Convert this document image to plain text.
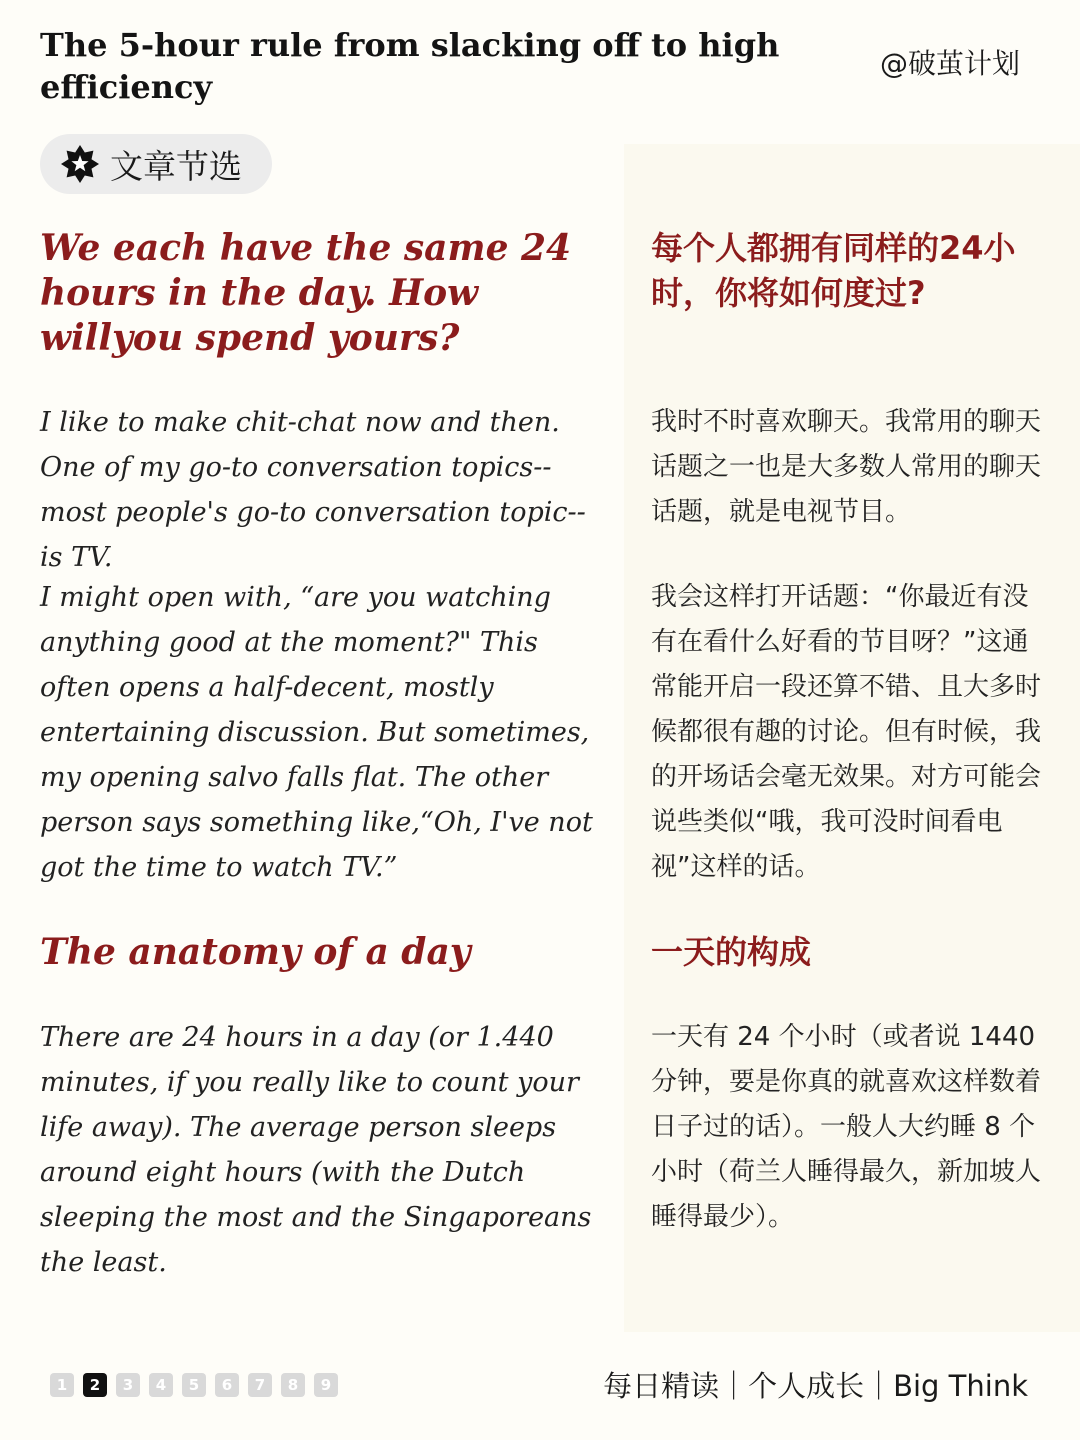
The 5-hour rule from slacking off to high efficiency
@破茧计划
文章节选
We each have the same 24 hours in the day. How willyou spend yours?

I like to make chit-chat now and then. One of my go-to conversation topics--most people's go-to conversation topic--is TV.

I might open with, “are you watching anything good at the moment?" This often opens a half-decent, mostly entertaining discussion. But sometimes, my opening salvo falls flat. The other person says something like,“Oh, I've not got the time to watch TV.”

The anatomy of a day

There are 24 hours in a day (or 1.440 minutes, if you really like to count your life away). The average person sleeps around eight hours (with the Dutch sleeping the most and the Singaporeans the least.

每个人都拥有同样的24小时，你将如何度过?

我时不时喜欢聊天。我常用的聊天话题之一也是大多数人常用的聊天话题，就是电视节目。

我会这样打开话题：“你最近有没有在看什么好看的节目呀？”这通常能开启一段还算不错、且大多时候都很有趣的讨论。但有时候，我的开场话会毫无效果。对方可能会说些类似“哦，我可没时间看电视”这样的话。

一天的构成

一天有 24 个小时（或者说 1440 分钟，要是你真的就喜欢这样数着日子过的话）。一般人大约睡 8 个小时（荷兰人睡得最久，新加坡人睡得最少）。

1	2	3	4	5	6	7	8	9	每日精读｜个人成长｜Big Think
